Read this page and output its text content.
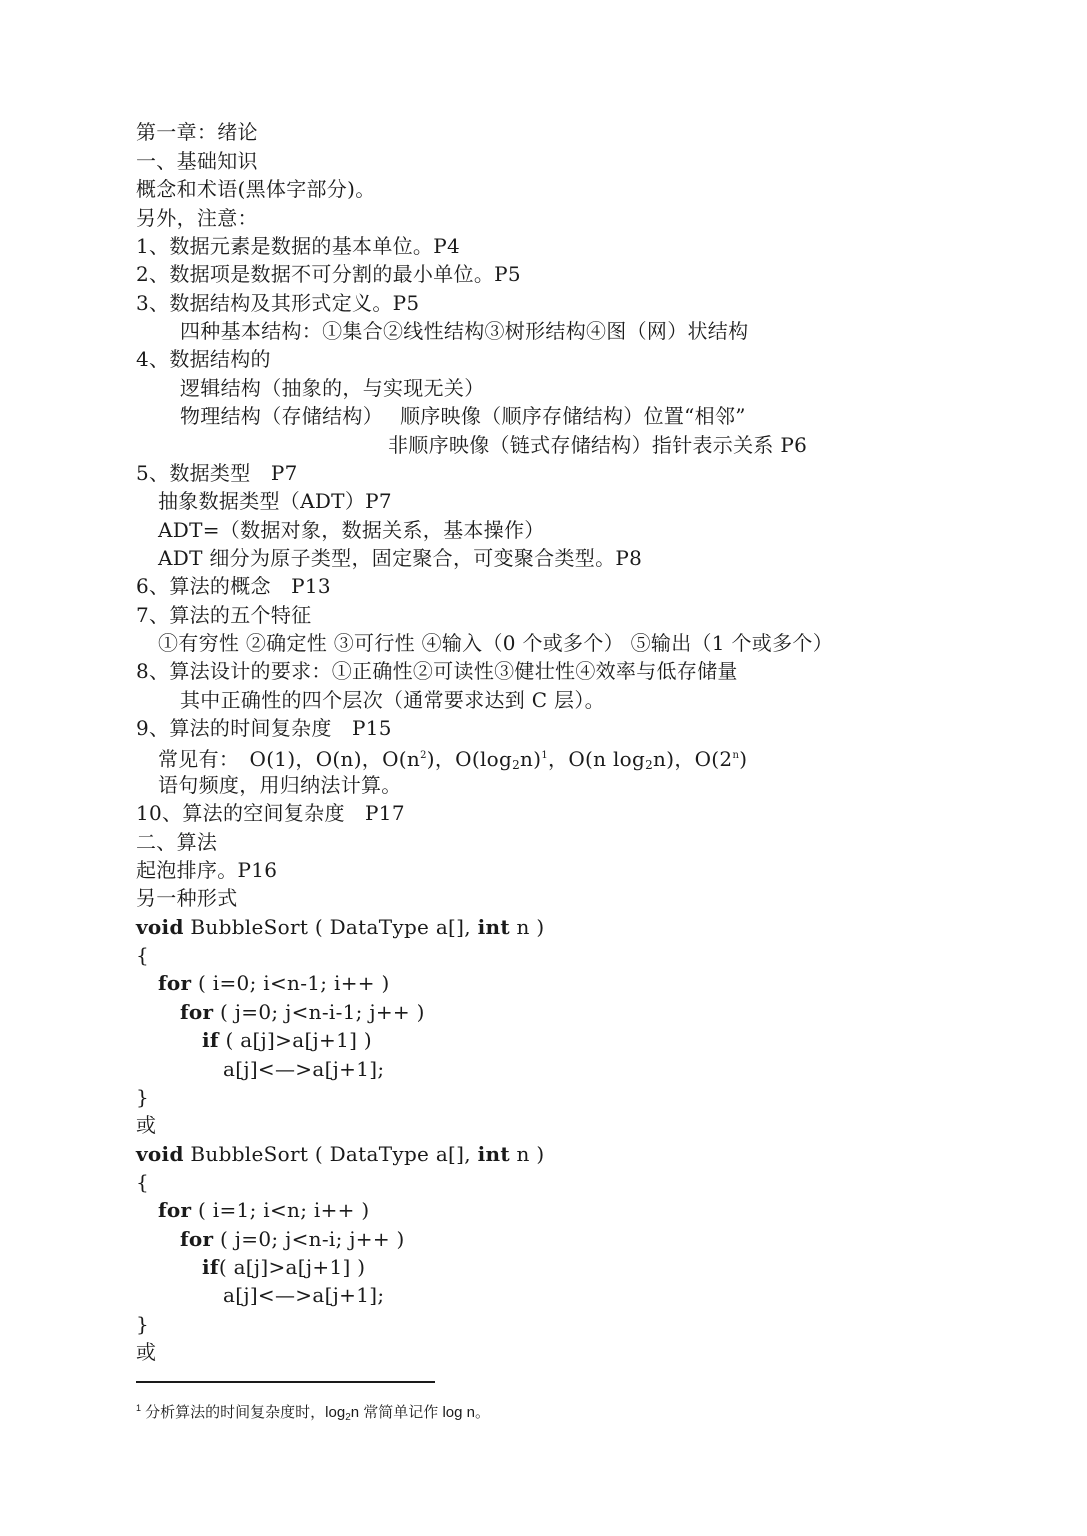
第一章：绪论
一、基础知识
概念和术语(黑体字部分)。
另外，注意：
1、数据元素是数据的基本单位。P4
2、数据项是数据不可分割的最小单位。P5
3、数据结构及其形式定义。P5
四种基本结构：①集合②线性结构③树形结构④图（网）状结构
4、数据结构的
逻辑结构（抽象的，与实现无关）
物理结构（存储结构）　 顺序映像（顺序存储结构）位置“相邻”
非顺序映像（链式存储结构）指针表示关系 P6
5、数据类型　P7
抽象数据类型（ADT）P7
ADT=（数据对象，数据关系，基本操作）
ADT 细分为原子类型，固定聚合，可变聚合类型。P8
6、算法的概念　P13
7、算法的五个特征
①有穷性 ②确定性 ③可行性 ④输入（0 个或多个） ⑤输出（1 个或多个）
8、算法设计的要求：①正确性②可读性③健壮性④效率与低存储量
其中正确性的四个层次（通常要求达到 C 层）。
9、算法的时间复杂度　P15
常见有：　O(1)，O(n)，$O(n^2)$，$O(\log_2n)^1$，O(n $\log_2n$)，O(2$^n$)
语句频度，用归纳法计算。
10、算法的空间复杂度　P17
二、算法
起泡排序。P16
另一种形式
void BubbleSort ( DataType a[], int n )
{
for ( i=0; i<n-1; i++ )
for ( j=0; j<n-i-1; j++ )
if ( a[j]>a[j+1] )
a[j]<—>a[j+1];
}
或
void BubbleSort ( DataType a[], int n )
{
for ( i=1; i<n; i++ )
for ( j=0; j<n-i; j++ )
if( a[j]>a[j+1] )
a[j]<—>a[j+1];
}
或
$^1$ 分析算法的时间复杂度时，$\log_2n$ 常简单记作 log n。
